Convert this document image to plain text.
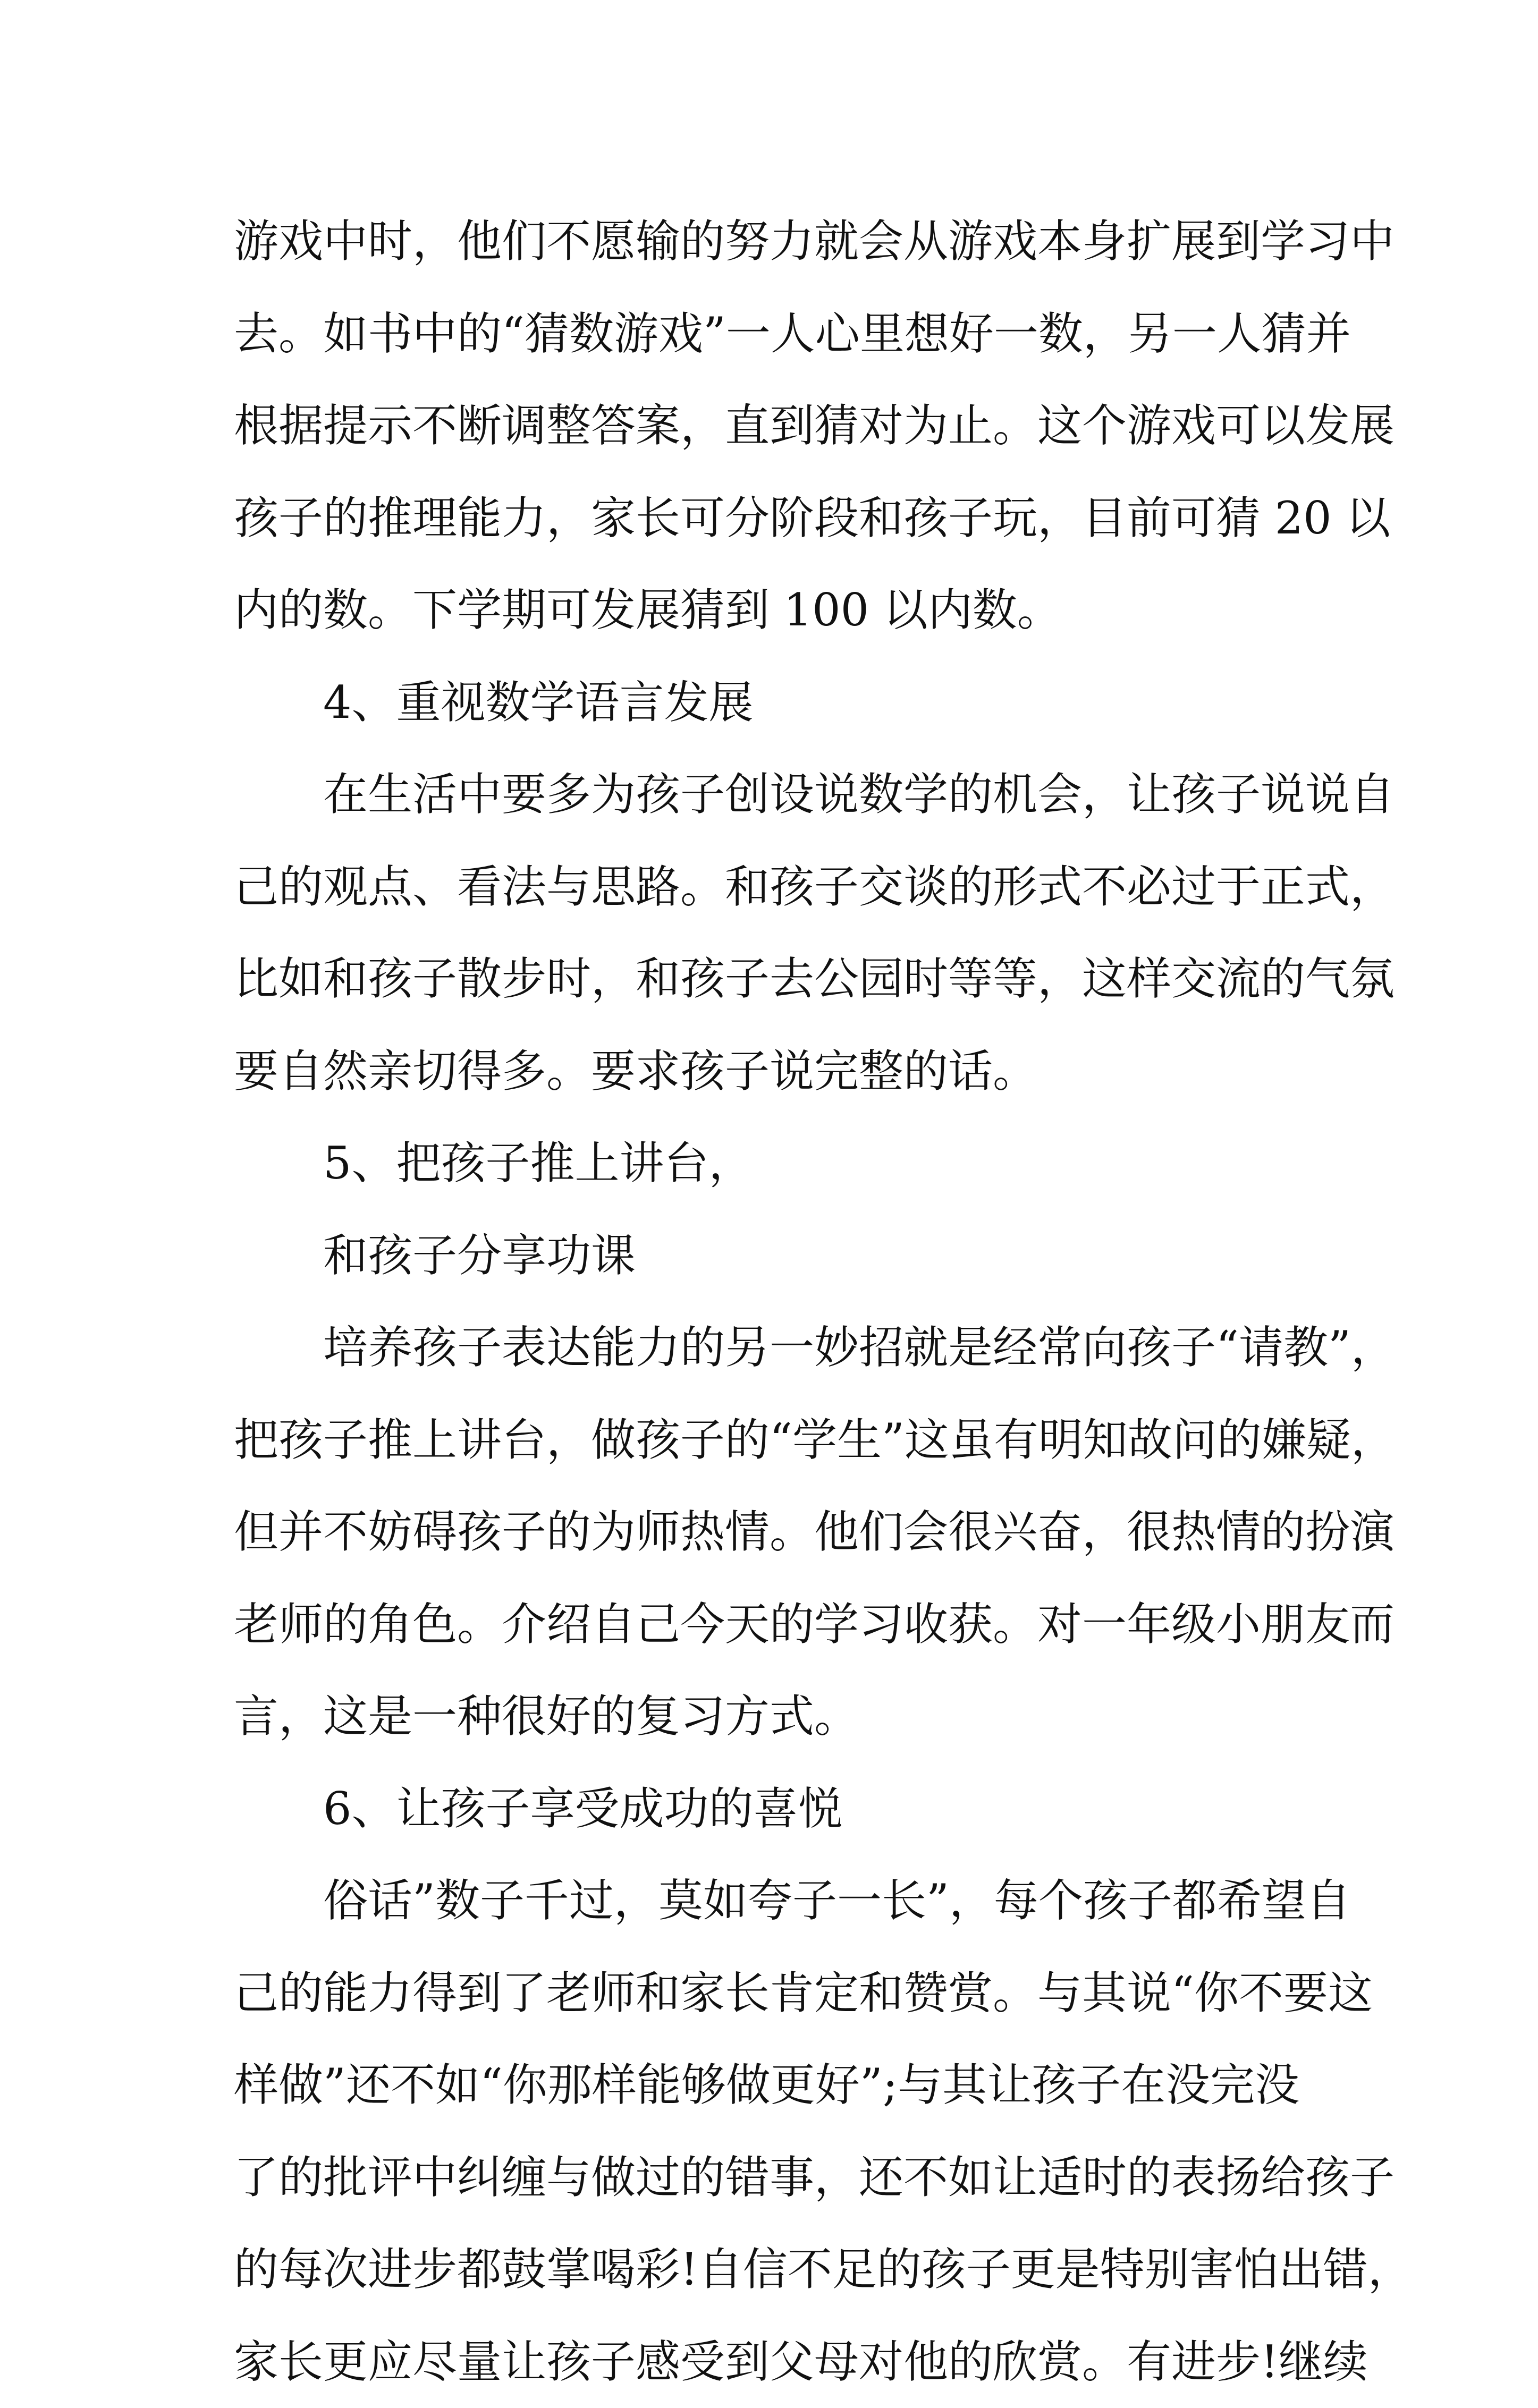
游戏中时，他们不愿输的努力就会从游戏本身扩展到学习中

去。如书中的“猜数游戏”一人心里想好一数，另一人猜并

根据提示不断调整答案，直到猜对为止。这个游戏可以发展

孩子的推理能力，家长可分阶段和孩子玩，目前可猜 20 以

内的数。下学期可发展猜到 100 以内数。

4、重视数学语言发展

在生活中要多为孩子创设说数学的机会，让孩子说说自

己的观点、看法与思路。和孩子交谈的形式不必过于正式，

比如和孩子散步时，和孩子去公园时等等，这样交流的气氛

要自然亲切得多。要求孩子说完整的话。

5、把孩子推上讲台，

和孩子分享功课

培养孩子表达能力的另一妙招就是经常向孩子“请教”，

把孩子推上讲台，做孩子的“学生”这虽有明知故问的嫌疑，

但并不妨碍孩子的为师热情。他们会很兴奋，很热情的扮演

老师的角色。介绍自己今天的学习收获。对一年级小朋友而

言，这是一种很好的复习方式。

6、让孩子享受成功的喜悦

俗话”数子千过，莫如夸子一长”，每个孩子都希望自

己的能力得到了老师和家长肯定和赞赏。与其说“你不要这

样做”还不如“你那样能够做更好”;与其让孩子在没完没

了的批评中纠缠与做过的错事，还不如让适时的表扬给孩子

的每次进步都鼓掌喝彩!自信不足的孩子更是特别害怕出错，

家长更应尽量让孩子感受到父母对他的欣赏。有进步!继续
